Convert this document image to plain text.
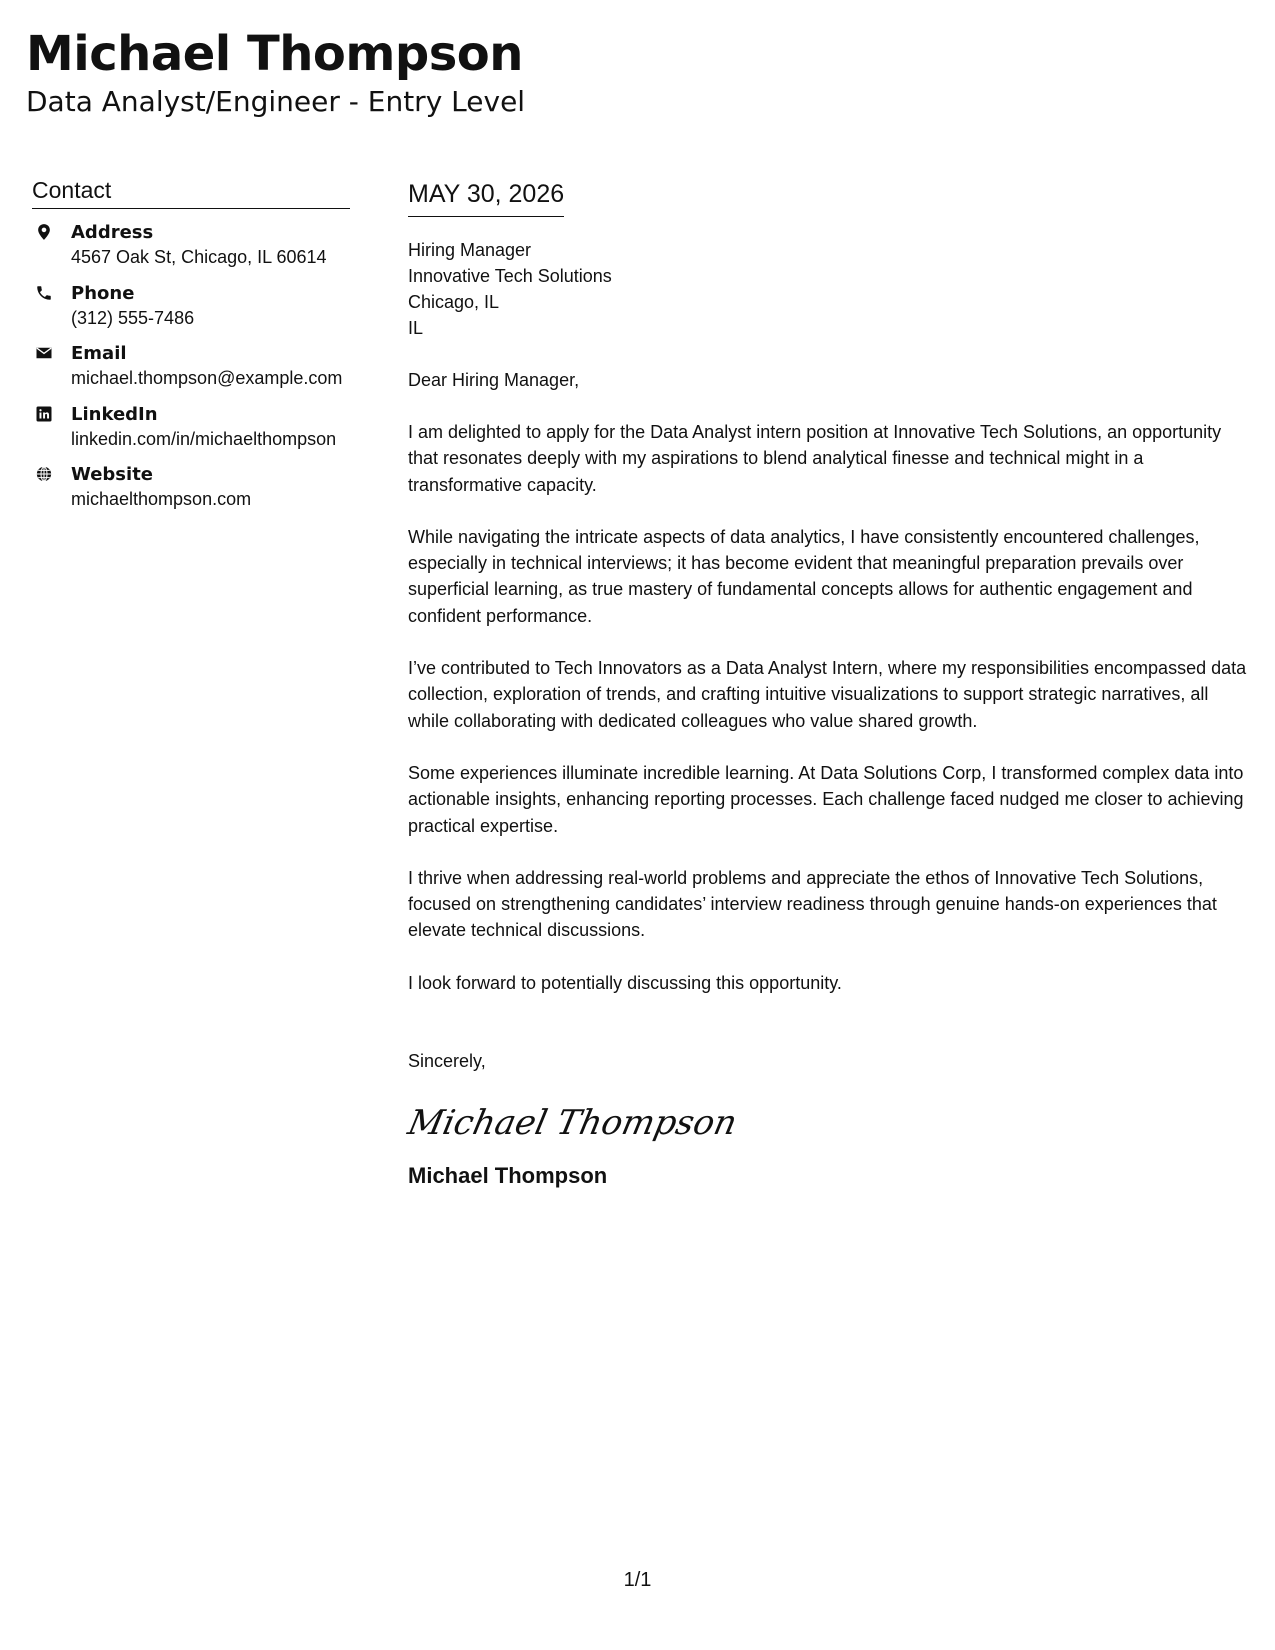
Michael Thompson
Data Analyst/Engineer - Entry Level
Contact
Address
4567 Oak St, Chicago, IL 60614
Phone
(312) 555-7486
Email
michael.thompson@example.com
LinkedIn
linkedin.com/in/michaelthompson
Website
michaelthompson.com
MAY 30, 2026
Hiring Manager
Innovative Tech Solutions
Chicago, IL
IL
Dear Hiring Manager,
I am delighted to apply for the Data Analyst intern position at Innovative Tech Solutions, an opportunity that resonates deeply with my aspirations to blend analytical finesse and technical might in a transformative capacity.
While navigating the intricate aspects of data analytics, I have consistently encountered challenges, especially in technical interviews; it has become evident that meaningful preparation prevails over superficial learning, as true mastery of fundamental concepts allows for authentic engagement and confident performance.
I’ve contributed to Tech Innovators as a Data Analyst Intern, where my responsibilities encompassed data collection, exploration of trends, and crafting intuitive visualizations to support strategic narratives, all while collaborating with dedicated colleagues who value shared growth.
Some experiences illuminate incredible learning. At Data Solutions Corp, I transformed complex data into actionable insights, enhancing reporting processes. Each challenge faced nudged me closer to achieving practical expertise.
I thrive when addressing real-world problems and appreciate the ethos of Innovative Tech Solutions, focused on strengthening candidates’ interview readiness through genuine hands-on experiences that elevate technical discussions.
I look forward to potentially discussing this opportunity.
Sincerely,
Michael Thompson
Michael Thompson
1/1
